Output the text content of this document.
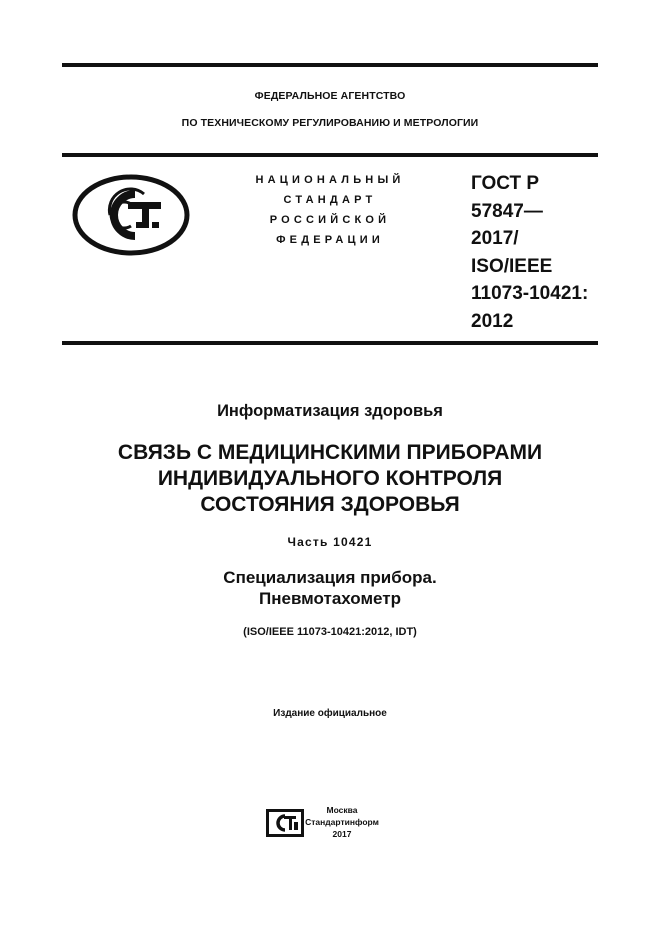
ФЕДЕРАЛЬНОЕ АГЕНТСТВО
ПО ТЕХНИЧЕСКОМУ РЕГУЛИРОВАНИЮ И МЕТРОЛОГИИ
НАЦИОНАЛЬНЫЙ
СТАНДАРТ
РОССИЙСКОЙ
ФЕДЕРАЦИИ
ГОСТ Р
57847—
2017/
ISO/IEEE
11073-10421:
2012
Информатизация здоровья
СВЯЗЬ С МЕДИЦИНСКИМИ ПРИБОРАМИ
ИНДИВИДУАЛЬНОГО КОНТРОЛЯ
СОСТОЯНИЯ ЗДОРОВЬЯ
Часть 10421
Специализация прибора.
Пневмотахометр
(ISO/IEEE 11073-10421:2012, IDT)
Издание официальное
Москва
Стандартинформ
2017
